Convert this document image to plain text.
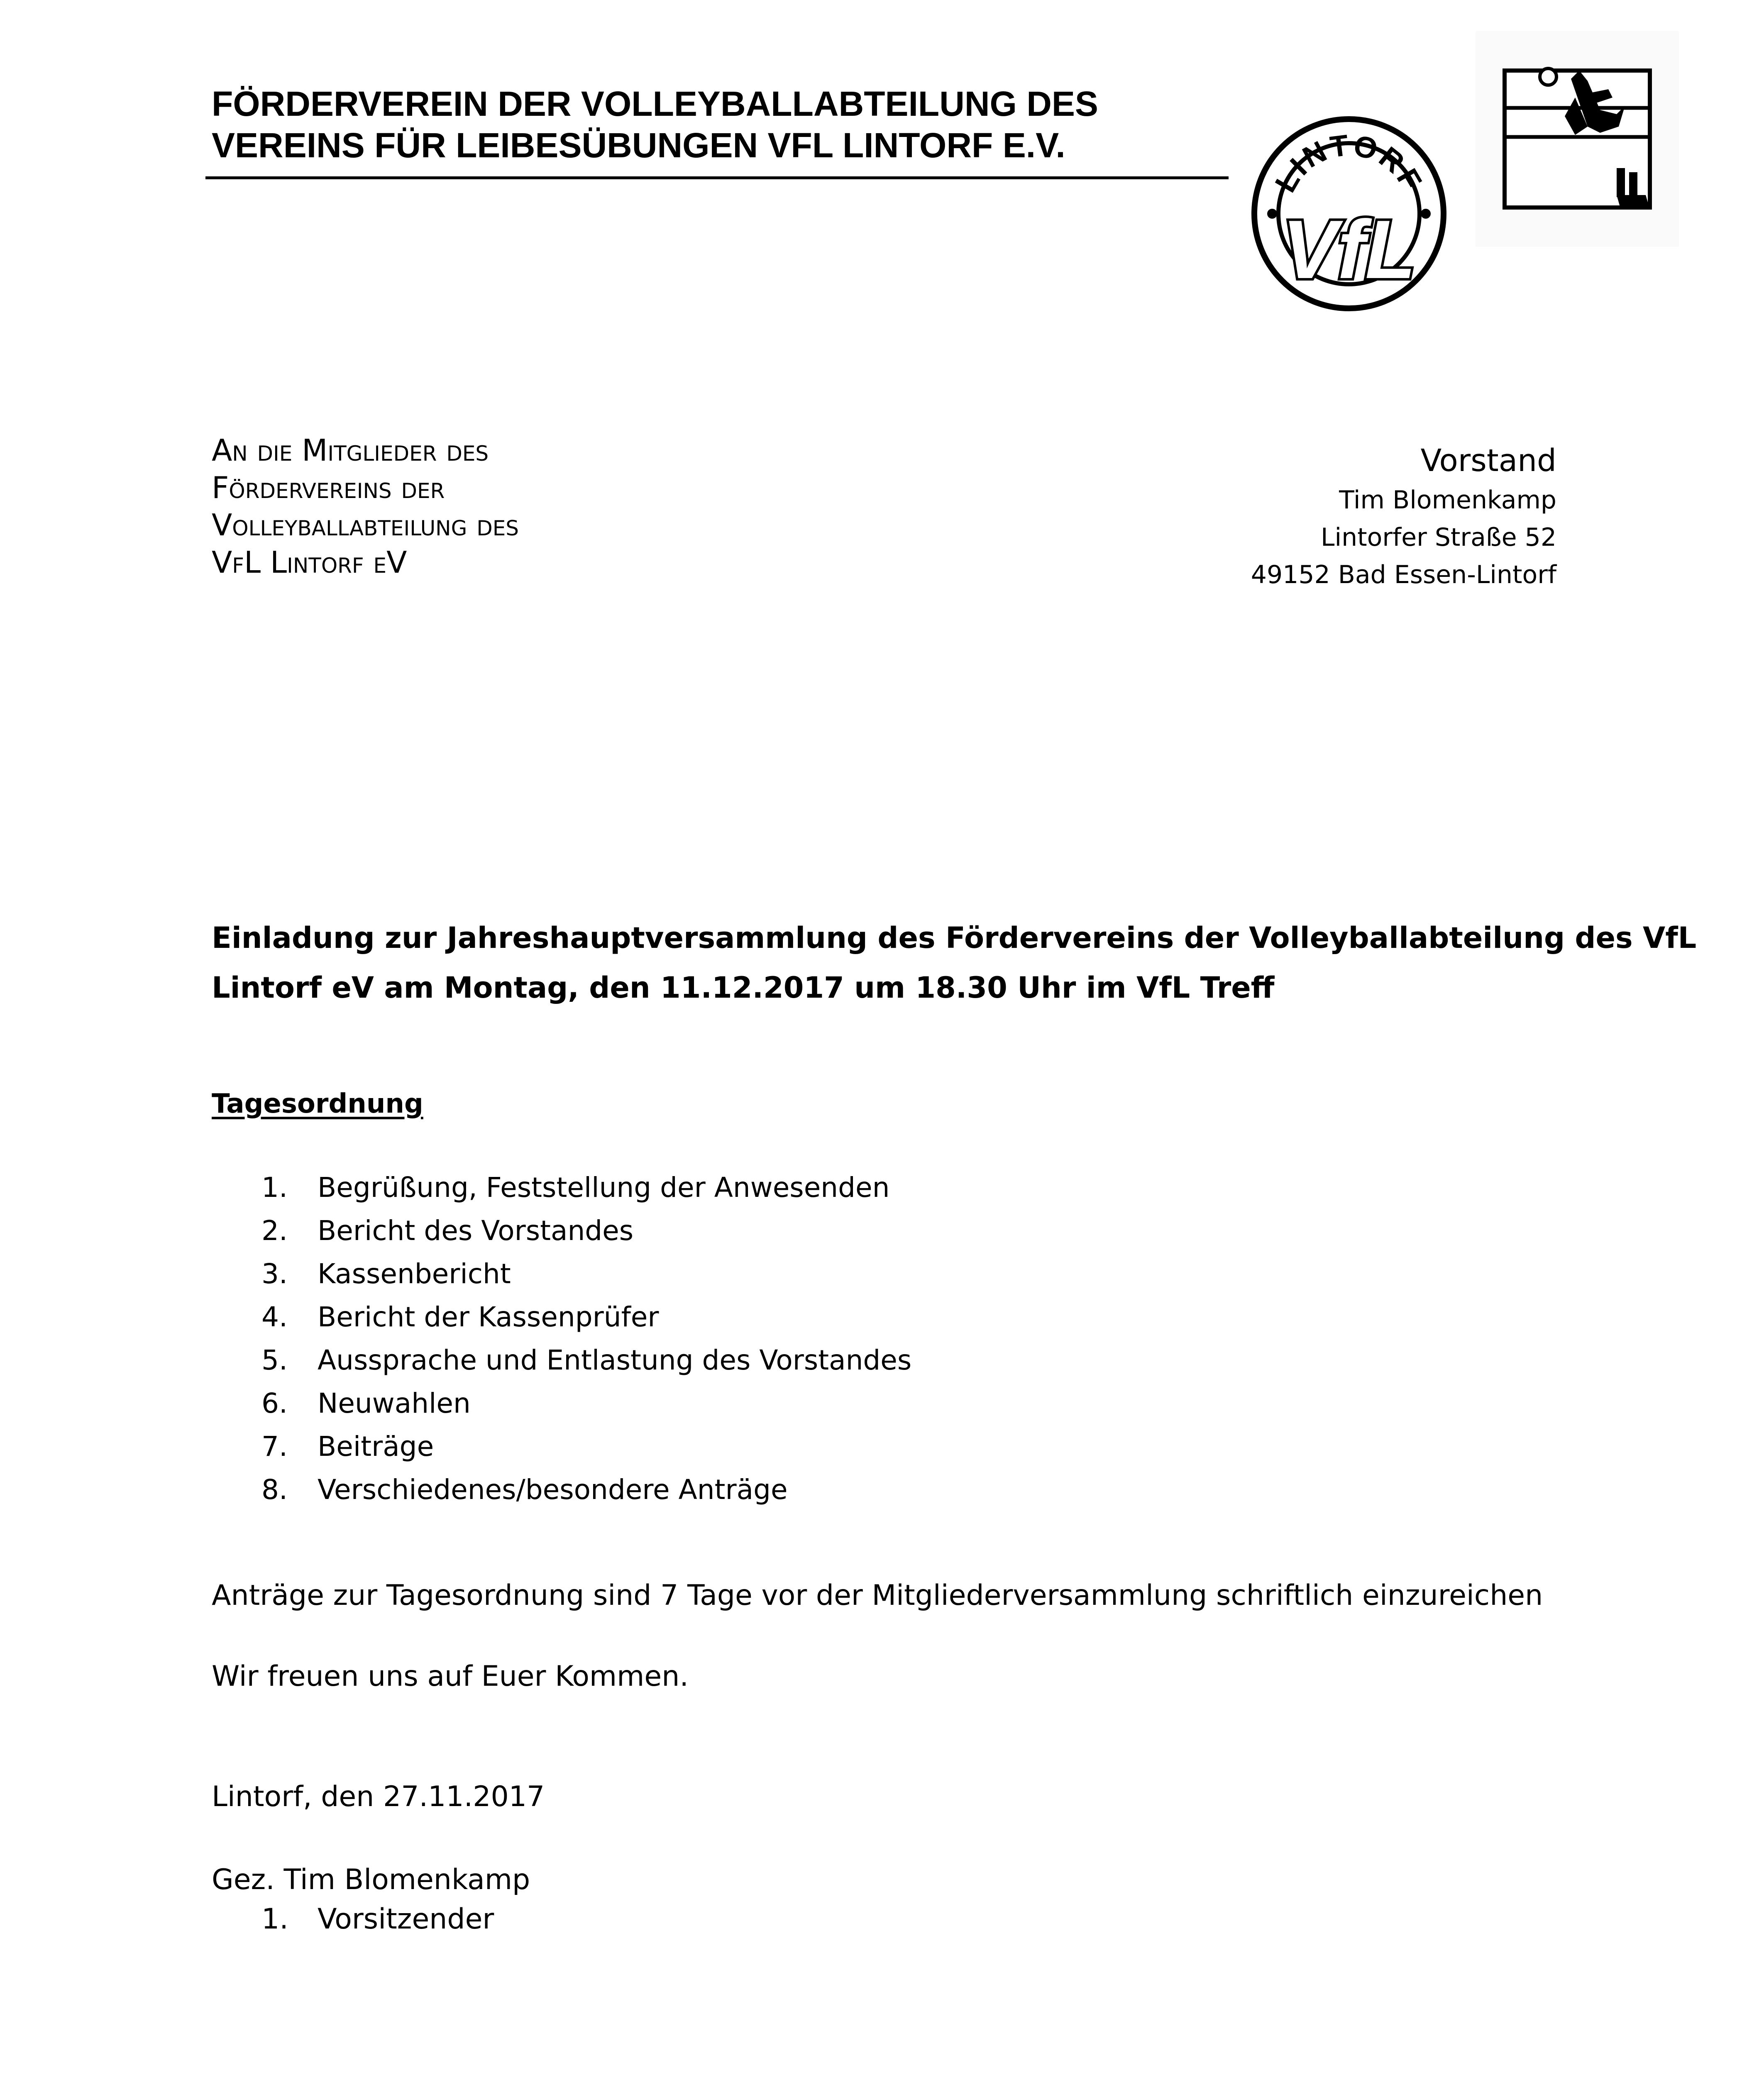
FÖRDERVEREIN DER VOLLEYBALLABTEILUNG DES
VEREINS FÜR LEIBESÜBUNGEN VFL LINTORF E.V.
LINTORF
VfL
An die Mitglieder des
Fördervereins der
Volleyballabteilung des
VfL Lintorf eV
Vorstand
Tim Blomenkamp
Lintorfer Straße 52
49152 Bad Essen-Lintorf
Einladung zur Jahreshauptversammlung des Fördervereins der Volleyballabteilung des VfL
Lintorf eV am Montag, den 11.12.2017 um 18.30 Uhr im VfL Treff
Tagesordnung
1. Begrüßung, Feststellung der Anwesenden
2. Bericht des Vorstandes
3. Kassenbericht
4. Bericht der Kassenprüfer
5. Aussprache und Entlastung des Vorstandes
6. Neuwahlen
7. Beiträge
8. Verschiedenes/besondere Anträge
Anträge zur Tagesordnung sind 7 Tage vor der Mitgliederversammlung schriftlich einzureichen
Wir freuen uns auf Euer Kommen.
Lintorf, den 27.11.2017
Gez. Tim Blomenkamp
1. Vorsitzender
